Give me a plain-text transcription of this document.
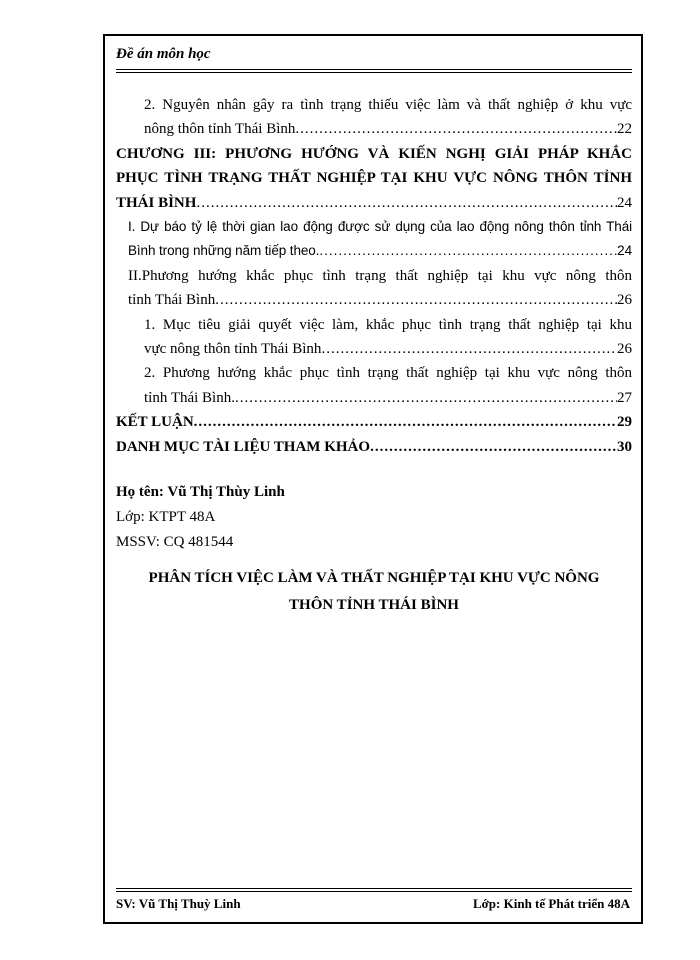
Đề án môn học
2. Nguyên nhân gây ra tình trạng thiếu việc làm và thất nghiệp ở khu vực
nông thôn tỉnh Thái Bình .....	22
CHƯƠNG III: PHƯƠNG HƯỚNG VÀ KIẾN NGHỊ GIẢI PHÁP KHẮC
PHỤC TÌNH TRẠNG THẤT NGHIỆP TẠI KHU VỰC NÔNG THÔN TỈNH
THÁI BÌNH .....	24
I. Dự báo tỷ lệ thời gian lao động được sử dụng của lao động nông thôn tỉnh Thái
Bình trong những năm tiếp theo. .....	24
II.Phương hướng khắc phục tình trạng thất nghiệp tại khu vực nông thôn
tỉnh Thái Bình .....	26
1. Mục tiêu giải quyết việc làm, khắc phục tình trạng thất nghiệp tại khu
vực nông thôn tỉnh Thái Bình .....	26
2. Phương hướng khắc phục tình trạng thất nghiệp tại khu vực nông thôn
tỉnh Thái Bình. .....	27
KẾT LUẬN .....	29
DANH MỤC TÀI LIỆU THAM KHẢO .....	30
Họ tên: Vũ Thị Thùy Linh
Lớp: KTPT 48A
MSSV: CQ 481544
PHÂN TÍCH VIỆC LÀM VÀ THẤT NGHIỆP TẠI KHU VỰC NÔNG
THÔN TỈNH THÁI BÌNH
SV: Vũ Thị Thuỳ Linh	Lớp: Kinh tế Phát triển 48A
